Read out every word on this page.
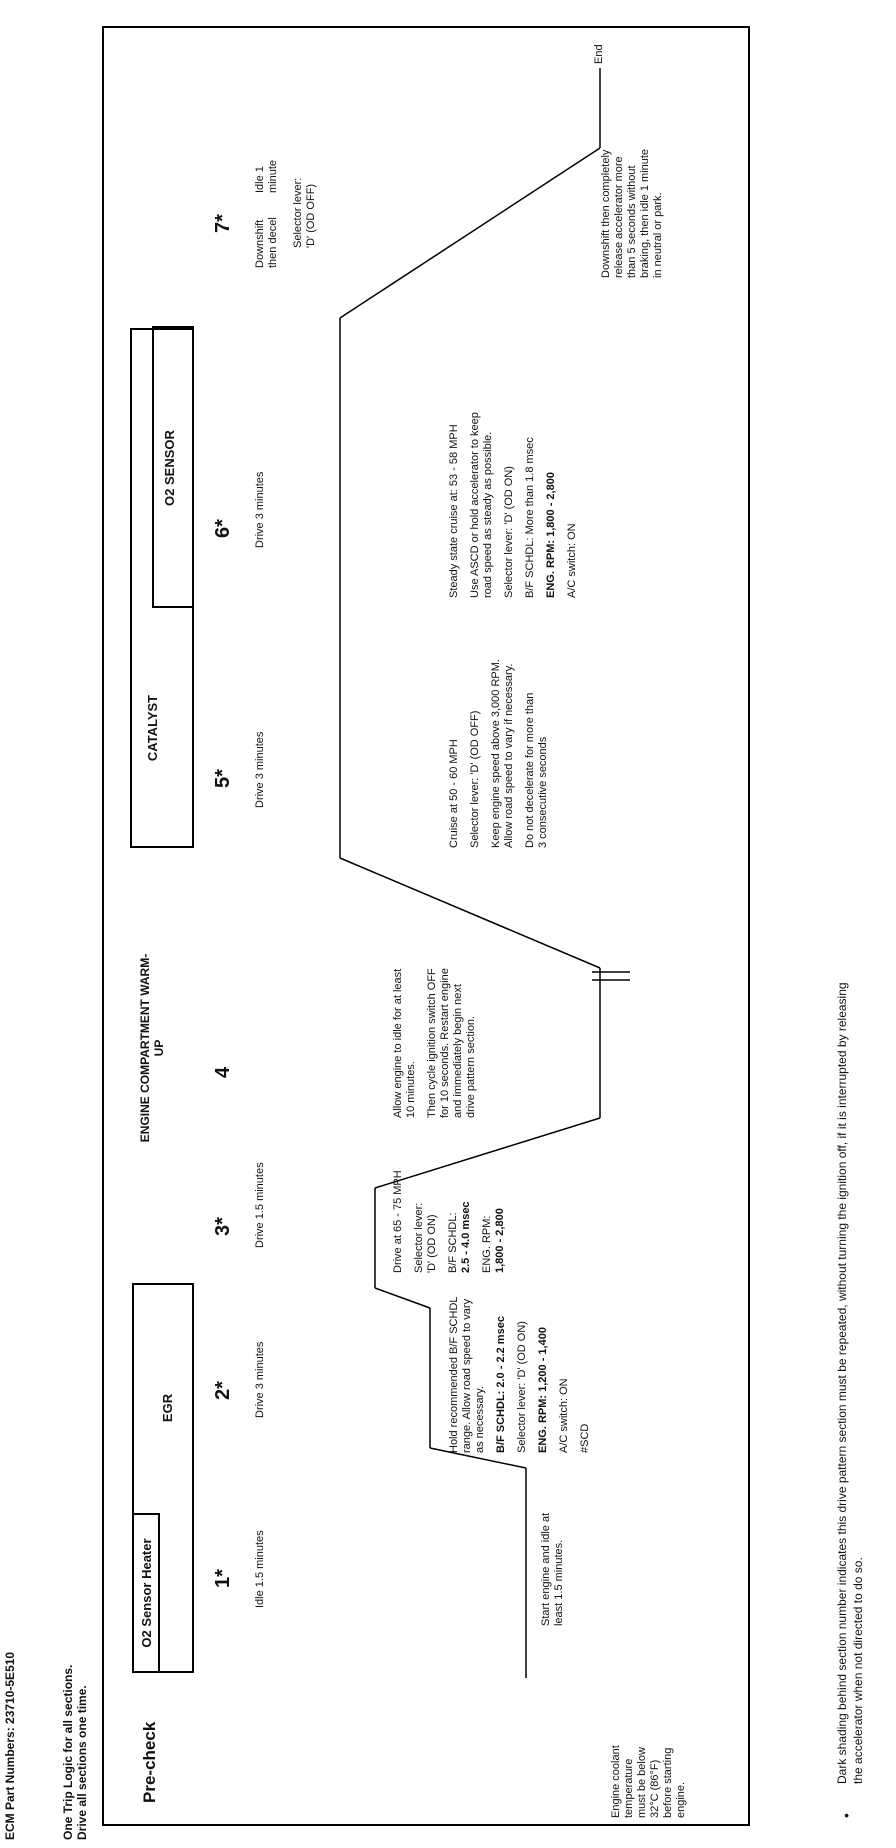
ECM Part Numbers: 23710-5E510	One Trip Logic for all sections. Drive all sections one time.	Pre-check
O2 Sensor Heater
EGR
ENGINE COMPARTMENT WARM-UP
CATALYST
O2 SENSOR
1*
2*
3*
4
5*
6*
7*
Idle 1.5 minutes
Drive 3 minutes
Drive 1.5 minutes
Drive 3 minutes
Drive 3 minutes
Downshift then decel
Idle 1 minute
Selector lever: 'D' (OD OFF)
End
Engine coolant temperature must be below 32°C (86°F) before starting engine.
Start engine and idle at least 1.5 minutes.
Hold recommended B/F SCHDL range. Allow road speed to vary as necessary. B/F SCHDL: 2.0 - 2.2 msec Selector lever: 'D' (OD ON) ENG. RPM: 1,200 - 1,400 A/C switch: ON #SCD
Drive at 65 - 75 MPH Selector lever: 'D' (OD ON) B/F SCHDL: 2.5 - 4.0 msec ENG. RPM: 1,800 - 2,800
Allow engine to idle for at least 10 minutes. Then cycle ignition switch OFF for 10 seconds. Restart engine and immediately begin next drive pattern section.
Cruise at 50 - 60 MPH Selector lever: 'D' (OD OFF) Keep engine speed above 3,000 RPM. Allow road speed to vary if necessary. Do not decelerate for more than 3 consecutive seconds
Steady state cruise at: 53 - 58 MPH Use ASCD or hold accelerator to keep road speed as steady as possible. Selector lever: 'D' (OD ON) B/F SCHDL: More than 1.8 msec ENG. RPM: 1,800 - 2,800 A/C switch: ON
Downshift then completely release accelerator more than 5 seconds without braking, then idle 1 minute in neutral or park.
•
Dark shading behind section number indicates this drive pattern section must be repeated, without turning the ignition off, if it is interrupted by releasing the accelerator when not directed to do so.
